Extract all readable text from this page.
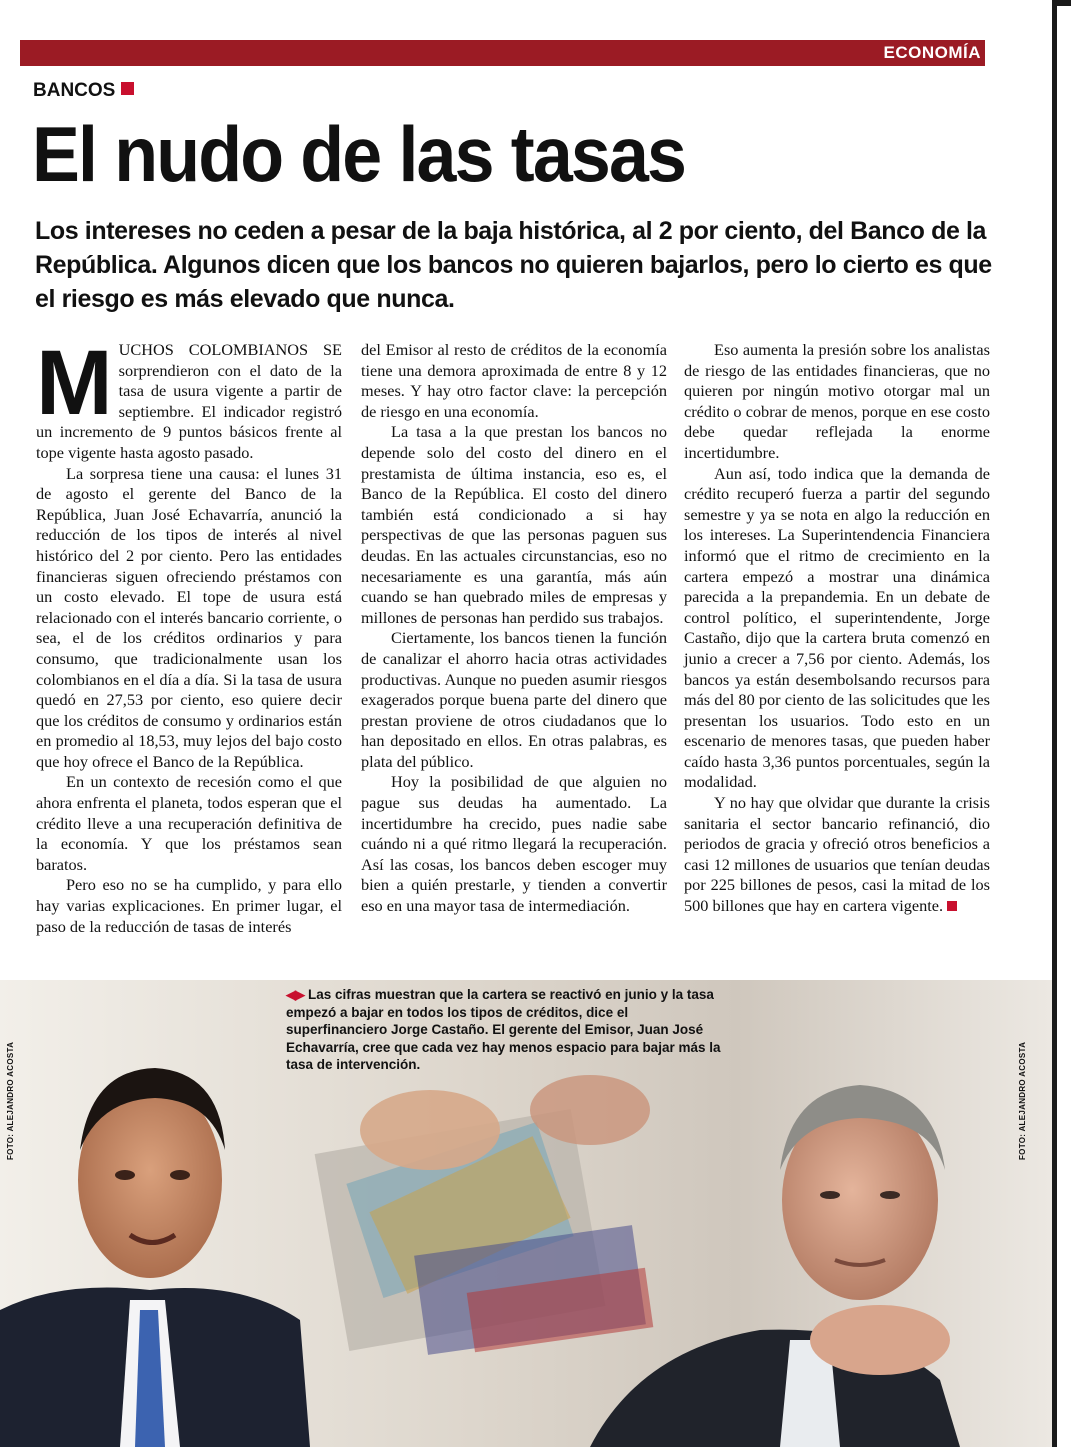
ECONOMÍA
BANCOS
El nudo de las tasas
Los intereses no ceden a pesar de la baja histórica, al 2 por ciento, del Banco de la República. Algunos dicen que los bancos no quieren bajarlos, pero lo cierto es que el riesgo es más elevado que nunca.

MUCHOS COLOMBIANOS SE sorprendieron con el dato de la tasa de usura vigente a partir de septiembre. El indicador registró un incremento de 9 puntos básicos frente al tope vigente hasta agosto pasado.

La sorpresa tiene una causa: el lunes 31 de agosto el gerente del Banco de la República, Juan José Echavarría, anunció la reducción de los tipos de interés al nivel histórico del 2 por ciento. Pero las entidades financieras siguen ofreciendo préstamos con un costo elevado. El tope de usura está relacionado con el interés bancario corriente, o sea, el de los créditos ordinarios y para consumo, que tradicionalmente usan los colombianos en el día a día. Si la tasa de usura quedó en 27,53 por ciento, eso quiere decir que los créditos de consumo y ordinarios están en promedio al 18,53, muy lejos del bajo costo que hoy ofrece el Banco de la República.

En un contexto de recesión como el que ahora enfrenta el planeta, todos esperan que el crédito lleve a una recuperación definitiva de la economía. Y que los préstamos sean baratos.

Pero eso no se ha cumplido, y para ello hay varias explicaciones. En primer lugar, el paso de la reducción de tasas de interés

del Emisor al resto de créditos de la economía tiene una demora aproximada de entre 8 y 12 meses. Y hay otro factor clave: la percepción de riesgo en una economía.

La tasa a la que prestan los bancos no depende solo del costo del dinero en el prestamista de última instancia, eso es, el Banco de la República. El costo del dinero también está condicionado a si hay perspectivas de que las personas paguen sus deudas. En las actuales circunstancias, eso no necesariamente es una garantía, más aún cuando se han quebrado miles de empresas y millones de personas han perdido sus trabajos.

Ciertamente, los bancos tienen la función de canalizar el ahorro hacia otras actividades productivas. Aunque no pueden asumir riesgos exagerados porque buena parte del dinero que prestan proviene de otros ciudadanos que lo han depositado en ellos. En otras palabras, es plata del público.

Hoy la posibilidad de que alguien no pague sus deudas ha aumentado. La incertidumbre ha crecido, pues nadie sabe cuándo ni a qué ritmo llegará la recuperación. Así las cosas, los bancos deben escoger muy bien a quién prestarle, y tienden a convertir eso en una mayor tasa de intermediación.

Eso aumenta la presión sobre los analistas de riesgo de las entidades financieras, que no quieren por ningún motivo otorgar mal un crédito o cobrar de menos, porque en ese costo debe quedar reflejada la enorme incertidumbre.

Aun así, todo indica que la demanda de crédito recuperó fuerza a partir del segundo semestre y ya se nota en algo la reducción en los intereses. La Superintendencia Financiera informó que el ritmo de crecimiento en la cartera empezó a mostrar una dinámica parecida a la prepandemia. En un debate de control político, el superintendente, Jorge Castaño, dijo que la cartera bruta comenzó en junio a crecer a 7,56 por ciento. Además, los bancos ya están desembolsando recursos para más del 80 por ciento de las solicitudes que les presentan los usuarios. Todo esto en un escenario de menores tasas, que pueden haber caído hasta 3,36 puntos porcentuales, según la modalidad.

Y no hay que olvidar que durante la crisis sanitaria el sector bancario refinanció, dio periodos de gracia y ofreció otros beneficios a casi 12 millones de usuarios que tenían deudas por 225 billones de pesos, casi la mitad de los 500 billones que hay en cartera vigente.

◀▶ Las cifras muestran que la cartera se reactivó en junio y la tasa empezó a bajar en todos los tipos de créditos, dice el superfinanciero Jorge Castaño. El gerente del Emisor, Juan José Echavarría, cree que cada vez hay menos espacio para bajar más la tasa de intervención.
FOTO: ALEJANDRO ACOSTA	FOTO: ALEJANDRO ACOSTA
